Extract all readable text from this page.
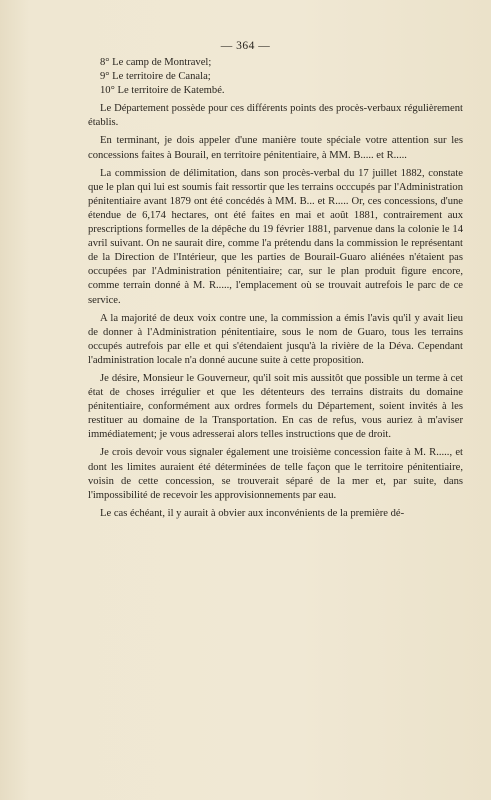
— 364 —

8° Le camp de Montravel;

9° Le territoire de Canala;

10° Le territoire de Katembé.

Le Département possède pour ces différents points des procès-verbaux régulièrement établis.

En terminant, je dois appeler d'une manière toute spéciale votre attention sur les concessions faites à Bourail, en territoire pénitentiaire, à MM. B..... et R.....

La commission de délimitation, dans son procès-verbal du 17 juillet 1882, constate que le plan qui lui est soumis fait ressortir que les terrains occcupés par l'Administration pénitentiaire avant 1879 ont été concédés à MM. B... et R..... Or, ces concessions, d'une étendue de 6,174 hectares, ont été faites en mai et août 1881, contrairement aux prescriptions formelles de la dépêche du 19 février 1881, parvenue dans la colonie le 14 avril suivant. On ne saurait dire, comme l'a prétendu dans la commission le représentant de la Direction de l'Intérieur, que les parties de Bourail-Guaro aliénées n'étaient pas occupées par l'Administration pénitentiaire; car, sur le plan produit figure encore, comme terrain donné à M. R....., l'emplacement où se trouvait autrefois le parc de ce service.

A la majorité de deux voix contre une, la commission a émis l'avis qu'il y avait lieu de donner à l'Administration pénitentiaire, sous le nom de Guaro, tous les terrains occupés autrefois par elle et qui s'étendaient jusqu'à la rivière de la Déva. Cependant l'administration locale n'a donné aucune suite à cette proposition.

Je désire, Monsieur le Gouverneur, qu'il soit mis aussitôt que possible un terme à cet état de choses irrégulier et que les détenteurs des terrains distraits du domaine pénitentiaire, conformément aux ordres formels du Département, soient invités à les restituer au domaine de la Transportation. En cas de refus, vous auriez à m'aviser immédiatement; je vous adresserai alors telles instructions que de droit.

Je crois devoir vous signaler également une troisième concession faite à M. R....., et dont les limites auraient été déterminées de telle façon que le territoire pénitentiaire, voisin de cette concession, se trouverait séparé de la mer et, par suite, dans l'impossibilité de recevoir les approvisionnements par eau.

Le cas échéant, il y aurait à obvier aux inconvénients de la première dé-
